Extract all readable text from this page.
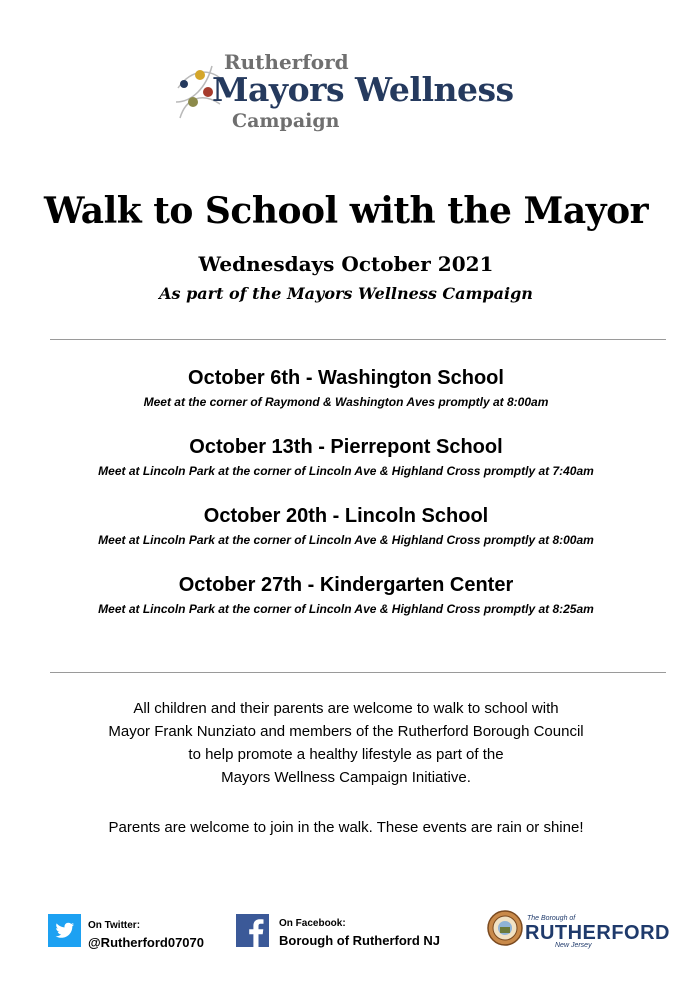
Rutherford
Mayors Wellness
Campaign
Walk to School with the Mayor
Wednesdays October 2021
As part of the Mayors Wellness Campaign
October 6th - Washington School
Meet at the corner of Raymond & Washington Aves promptly at 8:00am
October 13th - Pierrepont School
Meet at Lincoln Park at the corner of Lincoln Ave & Highland Cross promptly at 7:40am
October 20th - Lincoln School
Meet at Lincoln Park at the corner of Lincoln Ave & Highland Cross promptly at 8:00am
October 27th - Kindergarten Center
Meet at Lincoln Park at the corner of Lincoln Ave & Highland Cross promptly at 8:25am
All children and their parents are welcome to walk to school with
Mayor Frank Nunziato and members of the Rutherford Borough Council
to help promote a healthy lifestyle as part of the
Mayors Wellness Campaign Initiative.
Parents are welcome to join in the walk. These events are rain or shine!
On Twitter:
@Rutherford07070
On Facebook:
Borough of Rutherford NJ
The Borough of
RUTHERFORD
New Jersey
